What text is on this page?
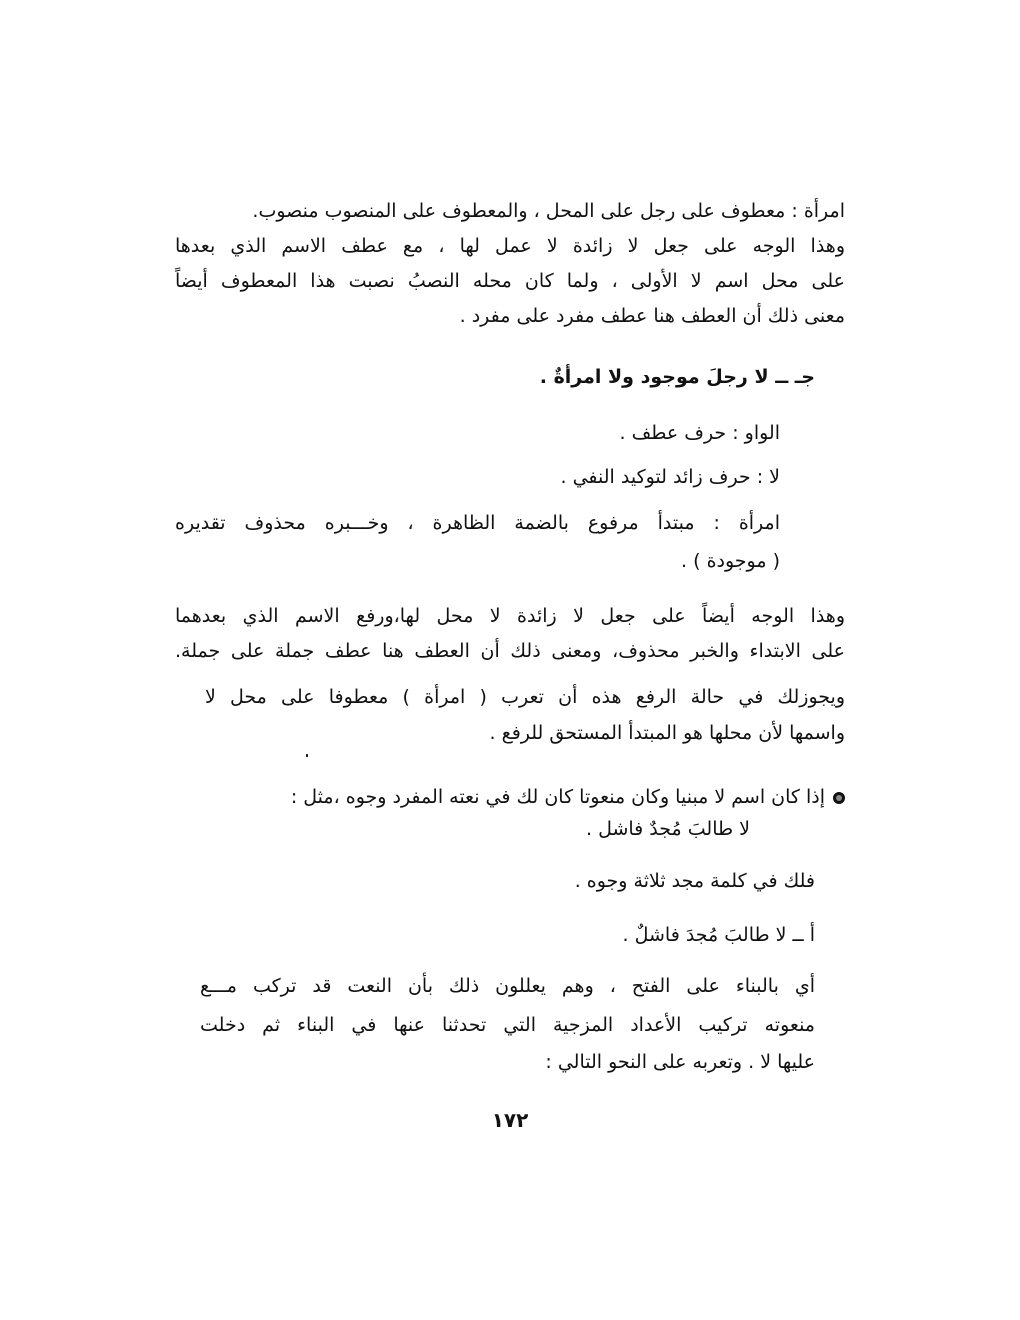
امرأة : معطوف على رجل على المحل ، والمعطوف على المنصوب منصوب.
وهذا الوجه على جعل لا زائدة لا عمل لها ، مع عطف الاسم الذي بعدها
على محل اسم لا الأولى ، ولما كان محله النصبُ نصبت هذا المعطوف أيضاً
معنى ذلك أن العطف هنا عطف مفرد على مفرد .
جـ ــ لا رجلَ موجود ولا امرأةٌ .
الواو : حرف عطف .
لا : حرف زائد لتوكيد النفي .
امرأة : مبتدأ مرفوع بالضمة الظاهرة ، وخـــبره محذوف تقديره
( موجودة ) .
وهذا الوجه أيضاً على جعل لا زائدة لا محل لها،ورفع الاسم الذي بعدهما
على الابتداء والخبر محذوف، ومعنى ذلك أن العطف هنا عطف جملة على جملة.
ويجوزلك في حالة الرفع هذه أن تعرب ( امرأة ) معطوفا على محل لا
واسمها لأن محلها هو المبتدأ المستحق للرفع .
إذا كان اسم لا مبنيا وكان منعوتا كان لك في نعته المفرد وجوه ،مثل :
لا طالبَ مُجدٌ فاشل .
فلك في كلمة مجد ثلاثة وجوه .
أ ــ لا طالبَ مُجدَ فاشلٌ .
أي بالبناء على الفتح ، وهم يعللون ذلك بأن النعت قد تركب مـــع
منعوته تركيب الأعداد المزجية التي تحدثنا عنها في البناء ثم دخلت
عليها لا . وتعربه على النحو التالي :
١٧٢
